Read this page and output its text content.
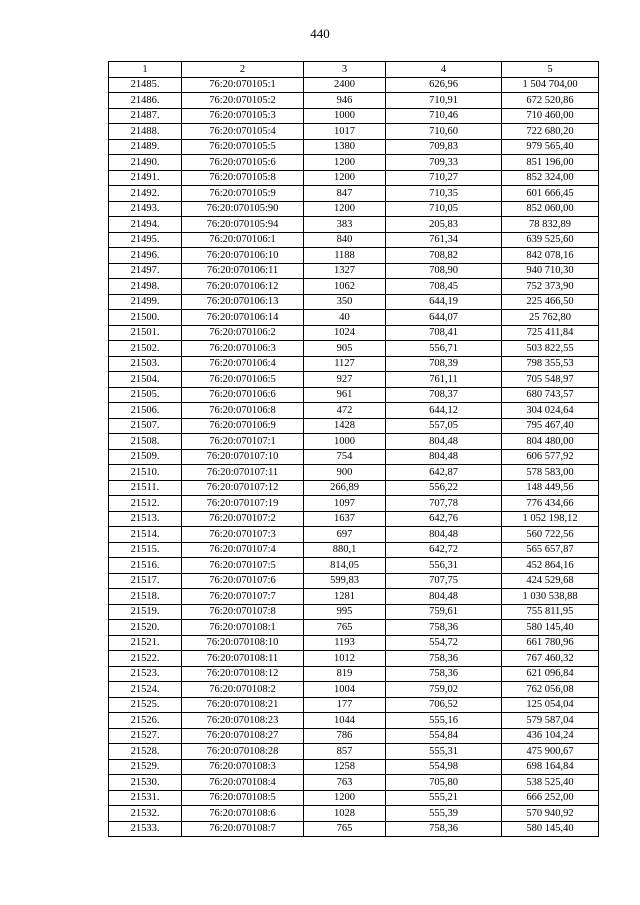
440
1	2	3	4	5
21485.	76:20:070105:1	2400	626,96	1 504 704,00
21486.	76:20:070105:2	946	710,91	672 520,86
21487.	76:20:070105:3	1000	710,46	710 460,00
21488.	76:20:070105:4	1017	710,60	722 680,20
21489.	76:20:070105:5	1380	709,83	979 565,40
21490.	76:20:070105:6	1200	709,33	851 196,00
21491.	76:20:070105:8	1200	710,27	852 324,00
21492.	76:20:070105:9	847	710,35	601 666,45
21493.	76:20:070105:90	1200	710,05	852 060,00
21494.	76:20:070105:94	383	205,83	78 832,89
21495.	76:20:070106:1	840	761,34	639 525,60
21496.	76:20:070106:10	1188	708,82	842 078,16
21497.	76:20:070106:11	1327	708,90	940 710,30
21498.	76:20:070106:12	1062	708,45	752 373,90
21499.	76:20:070106:13	350	644,19	225 466,50
21500.	76:20:070106:14	40	644,07	25 762,80
21501.	76:20:070106:2	1024	708,41	725 411,84
21502.	76:20:070106:3	905	556,71	503 822,55
21503.	76:20:070106:4	1127	708,39	798 355,53
21504.	76:20:070106:5	927	761,11	705 548,97
21505.	76:20:070106:6	961	708,37	680 743,57
21506.	76:20:070106:8	472	644,12	304 024,64
21507.	76:20:070106:9	1428	557,05	795 467,40
21508.	76:20:070107:1	1000	804,48	804 480,00
21509.	76:20:070107:10	754	804,48	606 577,92
21510.	76:20:070107:11	900	642,87	578 583,00
21511.	76:20:070107:12	266,89	556,22	148 449,56
21512.	76:20:070107:19	1097	707,78	776 434,66
21513.	76:20:070107:2	1637	642,76	1 052 198,12
21514.	76:20:070107:3	697	804,48	560 722,56
21515.	76:20:070107:4	880,1	642,72	565 657,87
21516.	76:20:070107:5	814,05	556,31	452 864,16
21517.	76:20:070107:6	599,83	707,75	424 529,68
21518.	76:20:070107:7	1281	804,48	1 030 538,88
21519.	76:20:070107:8	995	759,61	755 811,95
21520.	76:20:070108:1	765	758,36	580 145,40
21521.	76:20:070108:10	1193	554,72	661 780,96
21522.	76:20:070108:11	1012	758,36	767 460,32
21523.	76:20:070108:12	819	758,36	621 096,84
21524.	76:20:070108:2	1004	759,02	762 056,08
21525.	76:20:070108:21	177	706,52	125 054,04
21526.	76:20:070108:23	1044	555,16	579 587,04
21527.	76:20:070108:27	786	554,84	436 104,24
21528.	76:20:070108:28	857	555,31	475 900,67
21529.	76:20:070108:3	1258	554,98	698 164,84
21530.	76:20:070108:4	763	705,80	538 525,40
21531.	76:20:070108:5	1200	555,21	666 252,00
21532.	76:20:070108:6	1028	555,39	570 940,92
21533.	76:20:070108:7	765	758,36	580 145,40
